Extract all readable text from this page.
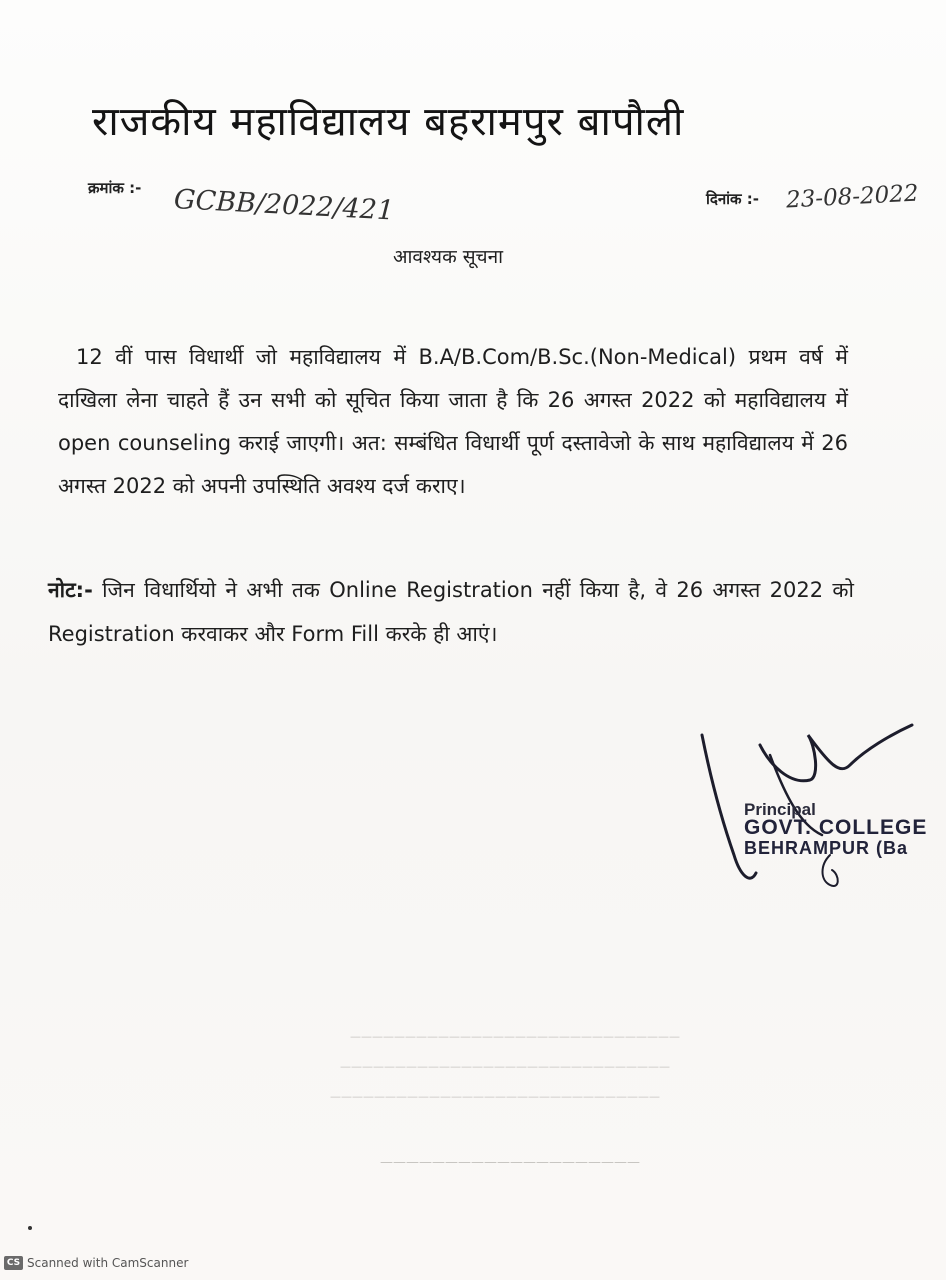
राजकीय महाविद्यालय बहरामपुर बापौली
क्रमांक :- GCBB/2022/421	दिनांक :- 23-08-2022
आवश्यक सूचना
12 वीं पास विधार्थी जो महाविद्यालय में B.A/B.Com/B.Sc.(Non-Medical) प्रथम वर्ष में दाखिला लेना चाहते हैं उन सभी को सूचित किया जाता है कि 26 अगस्त 2022 को महाविद्यालय में open counseling कराई जाएगी। अत: सम्बंधित विधार्थी पूर्ण दस्तावेजो के साथ महाविद्यालय में 26 अगस्त 2022 को अपनी उपस्थिति अवश्य दर्ज कराए।
नोट:- जिन विधार्थियो ने अभी तक Online Registration नहीं किया है, वे 26 अगस्त 2022 को Registration करवाकर और Form Fill करके ही आएं।
Principal
GOVT. COLLEGE
BEHRAMPUR (Ba
——————————————————————————————
——————————————————————————————
——————————————————————————————
————————————————————
CS Scanned with CamScanner
